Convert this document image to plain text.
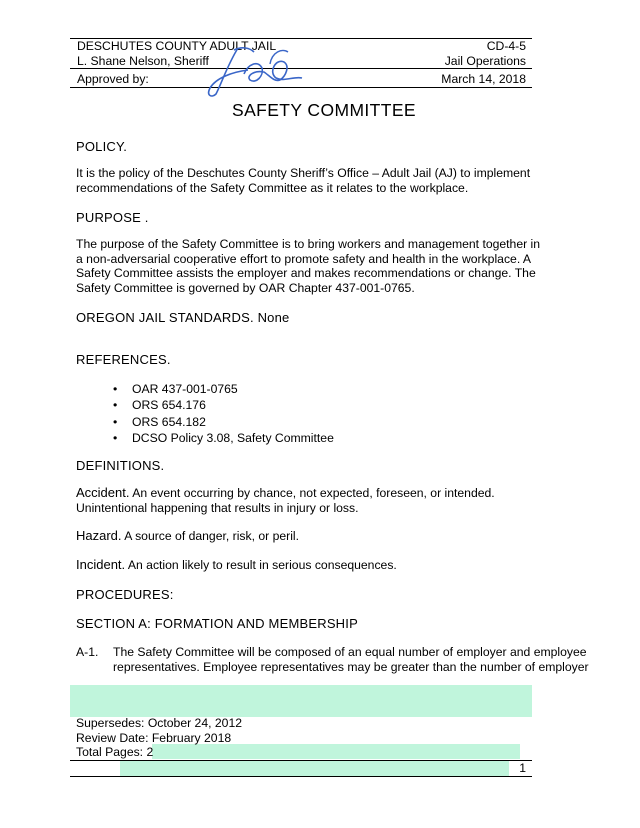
DESCHUTES COUNTY ADULT JAIL	CD-4-5
L. Shane Nelson, Sheriff	Jail Operations
Approved by:	March 14, 2018
SAFETY COMMITTEE
POLICY.
It is the policy of the Deschutes County Sheriff’s Office – Adult Jail (AJ) to implement recommendations of the Safety Committee as it relates to the workplace.
PURPOSE .
The purpose of the Safety Committee is to bring workers and management together in a non-adversarial cooperative effort to promote safety and health in the workplace. A Safety Committee assists the employer and makes recommendations or change. The Safety Committee is governed by OAR Chapter 437-001-0765.
OREGON JAIL STANDARDS. None
REFERENCES.
• OAR 437-001-0765
• ORS 654.176
• ORS 654.182
• DCSO Policy 3.08, Safety Committee
DEFINITIONS.
Accident. An event occurring by chance, not expected, foreseen, or intended. Unintentional happening that results in injury or loss.
Hazard. A source of danger, risk, or peril.
Incident. An action likely to result in serious consequences.
PROCEDURES:
SECTION A: FORMATION AND MEMBERSHIP
A-1. The Safety Committee will be composed of an equal number of employer and employee
representatives. Employee representatives may be greater than the number of employer
Supersedes: October 24, 2012
Review Date: February 2018
Total Pages: 2
1
